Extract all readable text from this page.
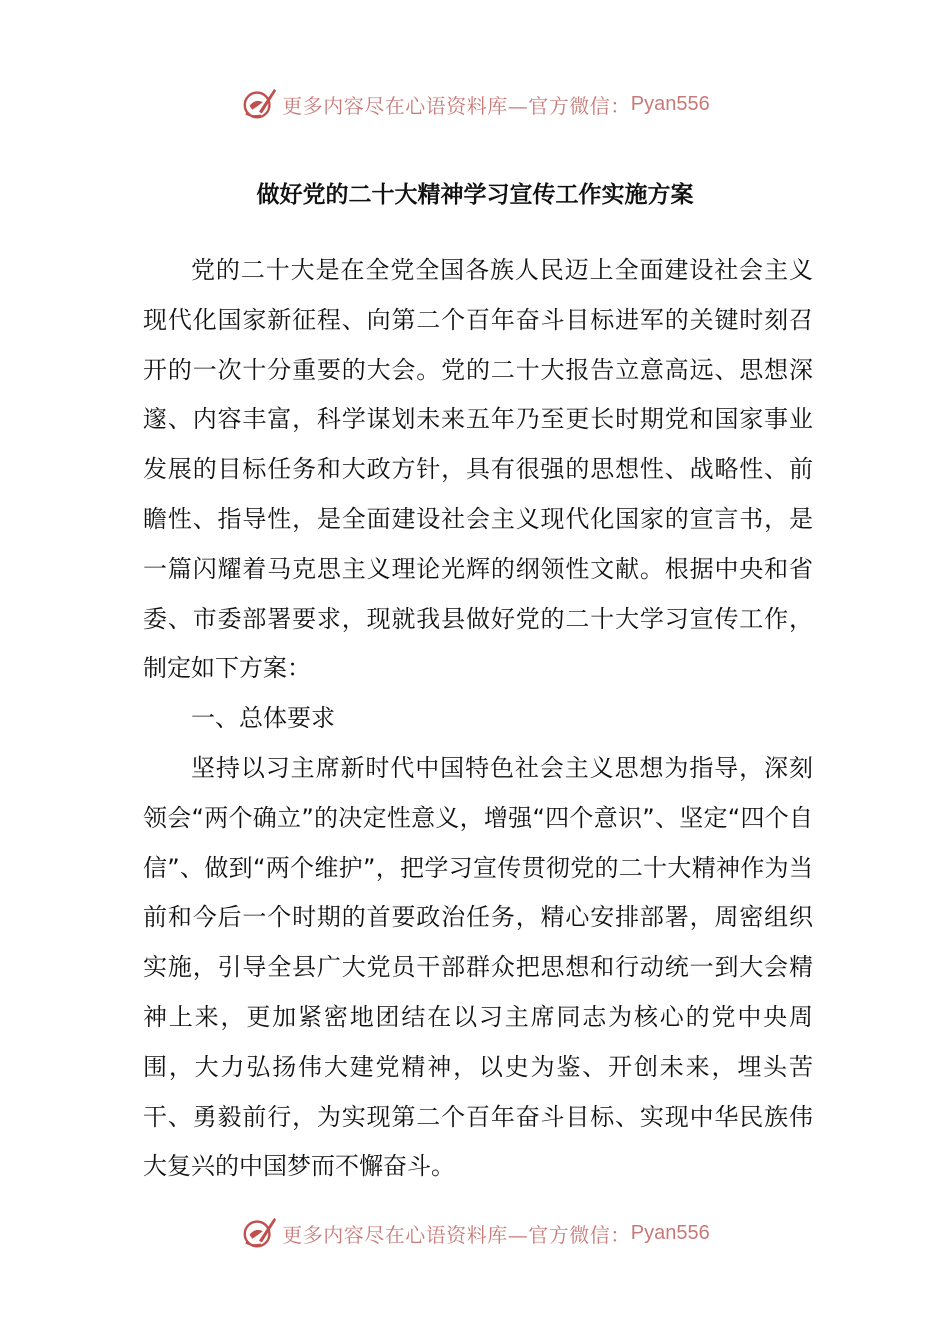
更多内容尽在心语资料库—官方微信： Pyan556
做好党的二十大精神学习宣传工作实施方案

党的二十大是在全党全国各族人民迈上全面建设社会主义现代化国家新征程、向第二个百年奋斗目标进军的关键时刻召开的一次十分重要的大会。党的二十大报告立意高远、思想深邃、内容丰富，科学谋划未来五年乃至更长时期党和国家事业发展的目标任务和大政方针，具有很强的思想性、战略性、前瞻性、指导性，是全面建设社会主义现代化国家的宣言书，是一篇闪耀着马克思主义理论光辉的纲领性文献。根据中央和省委、市委部署要求，现就我县做好党的二十大学习宣传工作，制定如下方案：

一、总体要求

坚持以习主席新时代中国特色社会主义思想为指导，深刻领会“两个确立”的决定性意义，增强“四个意识”、坚定“四个自信”、做到“两个维护”，把学习宣传贯彻党的二十大精神作为当前和今后一个时期的首要政治任务，精心安排部署，周密组织实施，引导全县广大党员干部群众把思想和行动统一到大会精神上来，更加紧密地团结在以习主席同志为核心的党中央周围，大力弘扬伟大建党精神，以史为鉴、开创未来，埋头苦干、勇毅前行，为实现第二个百年奋斗目标、实现中华民族伟大复兴的中国梦而不懈奋斗。

更多内容尽在心语资料库—官方微信： Pyan556
